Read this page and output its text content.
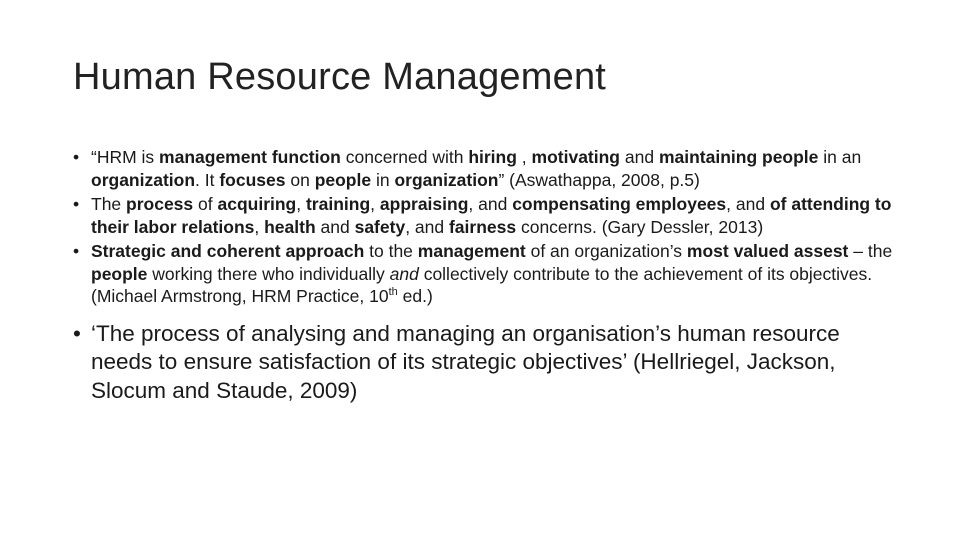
Human Resource Management
• “HRM is management function concerned with hiring , motivating and maintaining people in an organization. It focuses on people in organization” (Aswathappa, 2008, p.5)
• The process of acquiring, training, appraising, and compensating employees, and of attending to their labor relations, health and safety, and fairness concerns. (Gary Dessler, 2013)
• Strategic and coherent approach to the management of an organization’s most valued assest – the people working there who individually and collectively contribute to the achievement of its objectives. (Michael Armstrong, HRM Practice, 10th ed.)
• ‘The process of analysing and managing an organisation’s human resource needs to ensure satisfaction of its strategic objectives’ (Hellriegel, Jackson, Slocum and Staude, 2009)
